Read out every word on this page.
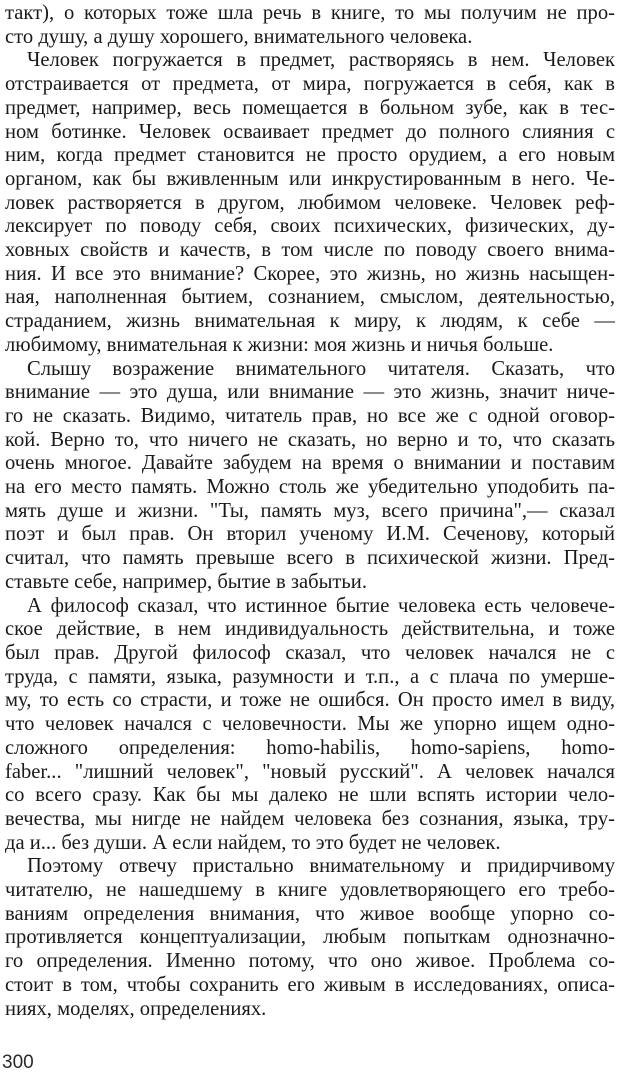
такт), о которых тоже шла речь в книге, то мы получим не про-
сто душу, а душу хорошего, внимательного человека.
Человек погружается в предмет, растворяясь в нем. Человек
отстраивается от предмета, от мира, погружается в себя, как в
предмет, например, весь помещается в больном зубе, как в тес-
ном ботинке. Человек осваивает предмет до полного слияния с
ним, когда предмет становится не просто орудием, а его новым
органом, как бы вживленным или инкрустированным в него. Че-
ловек растворяется в другом, любимом человеке. Человек реф-
лексирует по поводу себя, своих психических, физических, ду-
ховных свойств и качеств, в том числе по поводу своего внима-
ния. И все это внимание? Скорее, это жизнь, но жизнь насыщен-
ная, наполненная бытием, сознанием, смыслом, деятельностью,
страданием, жизнь внимательная к миру, к людям, к себе —
любимому, внимательная к жизни: моя жизнь и ничья больше.
Слышу возражение внимательного читателя. Сказать, что
внимание — это душа, или внимание — это жизнь, значит ниче-
го не сказать. Видимо, читатель прав, но все же с одной оговор-
кой. Верно то, что ничего не сказать, но верно и то, что сказать
очень многое. Давайте забудем на время о внимании и поставим
на его место память. Можно столь же убедительно уподобить па-
мять душе и жизни. "Ты, память муз, всего причина",— сказал
поэт и был прав. Он вторил ученому И.М. Сеченову, который
считал, что память превыше всего в психической жизни. Пред-
ставьте себе, например, бытие в забытьи.
А философ сказал, что истинное бытие человека есть человече-
ское действие, в нем индивидуальность действительна, и тоже
был прав. Другой философ сказал, что человек начался не с
труда, с памяти, языка, разумности и т.п., а с плача по умерше-
му, то есть со страсти, и тоже не ошибся. Он просто имел в виду,
что человек начался с человечности. Мы же упорно ищем одно-
сложного определения: homo-habilis, homo-sapiens, homo-
faber... "лишний человек", "новый русский". А человек начался
со всего сразу. Как бы мы далеко не шли вспять истории чело-
вечества, мы нигде не найдем человека без сознания, языка, тру-
да и... без души. А если найдем, то это будет не человек.
Поэтому отвечу пристально внимательному и придирчивому
читателю, не нашедшему в книге удовлетворяющего его требо-
ваниям определения внимания, что живое вообще упорно со-
противляется концептуализации, любым попыткам однозначно-
го определения. Именно потому, что оно живое. Проблема со-
стоит в том, чтобы сохранить его живым в исследованиях, описа-
ниях, моделях, определениях.
300
